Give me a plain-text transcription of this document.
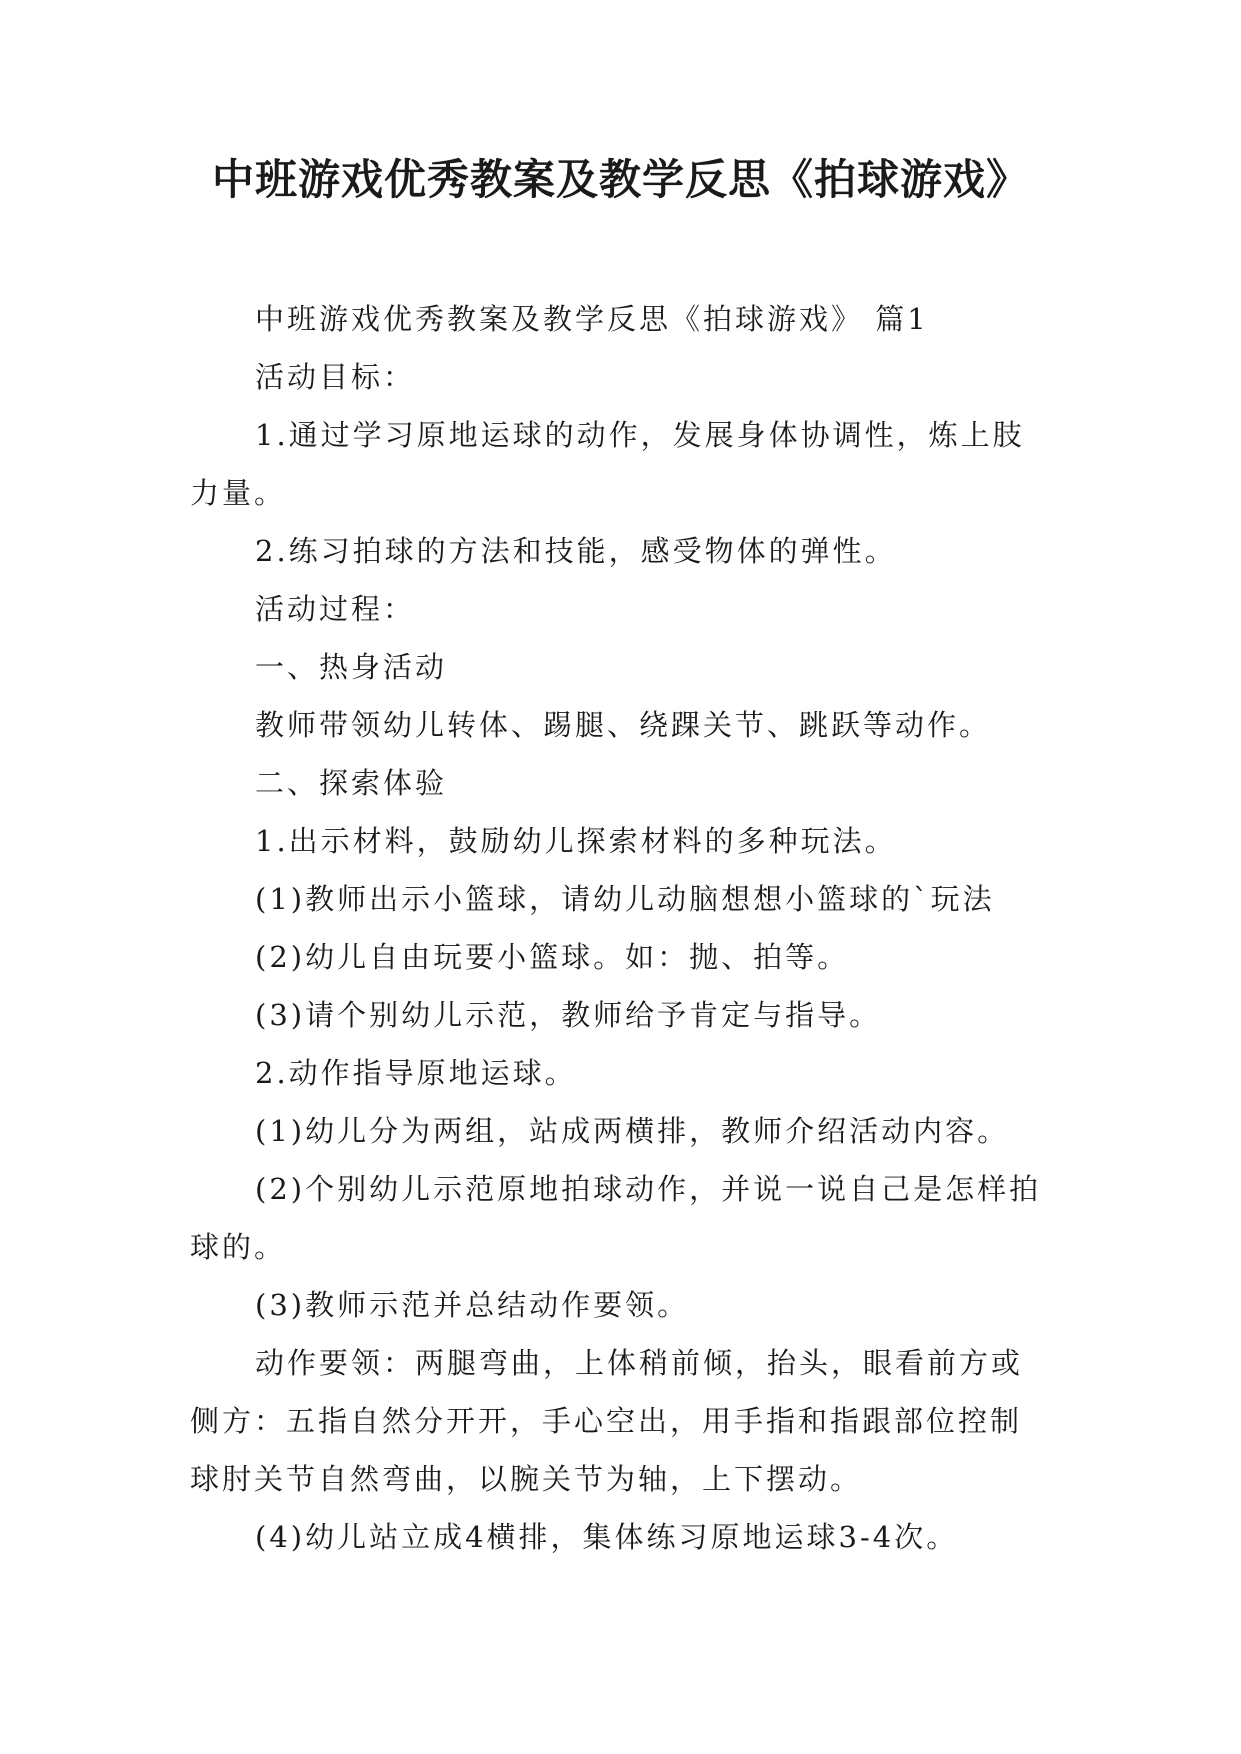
中班游戏优秀教案及教学反思《拍球游戏》

中班游戏优秀教案及教学反思《拍球游戏》 篇1

活动目标：

1.通过学习原地运球的动作，发展身体协调性，炼上肢力量。

2.练习拍球的方法和技能，感受物体的弹性。

活动过程：

一、热身活动

教师带领幼儿转体、踢腿、绕踝关节、跳跃等动作。

二、探索体验

1.出示材料，鼓励幼儿探索材料的多种玩法。

(1)教师出示小篮球，请幼儿动脑想想小篮球的`玩法

(2)幼儿自由玩要小篮球。如：抛、拍等。

(3)请个别幼儿示范，教师给予肯定与指导。

2.动作指导原地运球。

(1)幼儿分为两组，站成两横排，教师介绍活动内容。

(2)个别幼儿示范原地拍球动作，并说一说自己是怎样拍球的。

(3)教师示范并总结动作要领。

动作要领：两腿弯曲，上体稍前倾，抬头，眼看前方或侧方：五指自然分开开，手心空出，用手指和指跟部位控制球肘关节自然弯曲，以腕关节为轴，上下摆动。

(4)幼儿站立成4横排，集体练习原地运球3-4次。
